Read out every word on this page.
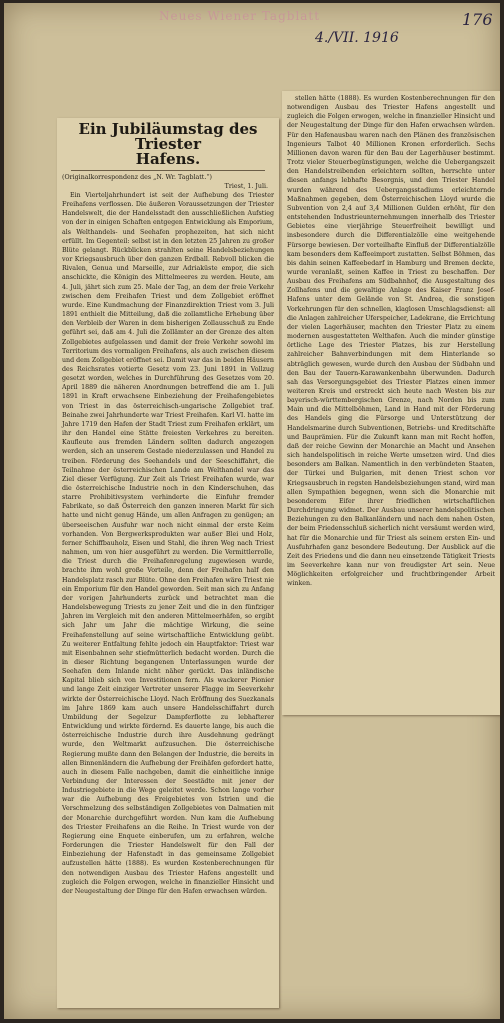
Neues Wiener Tagblatt
4./VII. 1916
176
Ein Jubiläumstag des Triester
Hafens.
(Originalkorrespondenz des „N. Wr. Tagblatt.“)
Triest, 1. Juli.

Ein Vierteljahrhundert ist seit der Aufhebung des Triester Freihafens verflossen. Die äußeren Voraussetzungen der Triester Handelswelt, die der Handelsstadt den ausschließlichen Aufstieg von der in einigen Schaften entgegen Entwicklung als Emporium, als Welthandels- und Seehafen prophezeiten, hat sich nicht erfüllt. Im Gegenteil: selbst ist in den letzten 25 Jahren zu großer Blüte gelangt. Rückblicken strahlten seine Handelsbeziehungen vor Kriegsausbruch über den ganzen Erdball. Rebvoll blicken die Rivalen, Genua und Marseille, zur Adriaküste empor, die sich anschickte, die Königin des Mittelmeeres zu werden. Heute, am 4. Juli, jährt sich zum 25. Male der Tag, an dem der freie Verkehr zwischen dem Freihafen Triest und dem Zollgebiet eröffnet wurde. Eine Kundmachung der Finanzdirektion Triest vom 3. Juli 1891 enthielt die Mitteilung, daß die zollamtliche Erhebung über den Verbleib der Waren in dem bisherigen Zollausschuß zu Ende geführt sei, daß am 4. Juli die Zollämter an der Grenze des alten Zollgebietes aufgelassen und damit der freie Verkehr sowohl im Territorium des vormaligen Freihafens, als auch zwischen diesem und dem Zollgebiet eröffnet sei. Damit war das in beiden Häusern des Reichsrates votierte Gesetz vom 23. Juni 1891 in Vollzug gesetzt worden, welches in Durchführung des Gesetzes vom 20. April 1889 die näheren Anordnungen betreffend die am 1. Juli 1891 in Kraft erwachsene Einbeziehung der Freihafengebietes von Triest in das österreichisch-ungarische Zollgebiet traf. Beinahe zwei Jahrhunderte war Triest Freihafen. Karl VI. hatte im Jahre 1719 den Hafen der Stadt Triest zum Freihafen erklärt, um ihr den Handel eine Stätte freiesten Verkehres zu bereiten. Kaufleute aus fremden Ländern sollten dadurch angezogen werden, sich an unserem Gestade niederzulassen und Handel zu treiben. Förderung des Seehandels und der Seeschiffahrt, die Teilnahme der österreichischen Lande am Welthandel war das Ziel dieser Verfügung. Zur Zeit als Triest Freihafen wurde, war die österreichische Industrie noch in den Kinderschuhen, das starre Prohibitivsystem verhinderte die Einfuhr fremder Fabrikate, so daß Österreich den ganzen inneren Markt für sich hatte und nicht genug Hände, um allen Anfragen zu genügen; an überseeischen Ausfuhr war noch nicht einmal der erste Keim vorhanden. Von Bergwerksprodukten war außer Blei und Holz, ferner Schiffbauholz, Eisen und Stahl, die ihren Weg nach Triest nahmen, um von hier ausgeführt zu werden. Die Vermittlerrolle, die Triest durch die Freihafenregelung zugewiesen wurde, brachte ihm wohl große Vorteile, denn der Freihafen half den Handelsplatz rasch zur Blüte. Ohne den Freihafen wäre Triest nie ein Emporium für den Handel geworden. Seit man sich zu Anfang der vorigen Jahrhunderts zurück und betrachtet man die Handelsbewegung Triests zu jener Zeit und die in den fünfziger Jahren im Vergleich mit den anderen Mittelmeerhäfen, so ergibt sich Jahr um Jahr die mächtige Wirkung, die seine Freihafenstellung auf seine wirtschaftliche Entwicklung geübt. Zu weiterer Entfaltung fehlte jedoch ein Hauptfaktor: Triest war mit Eisenbahnen sehr stiefmütterlich bedacht worden. Durch die in dieser Richtung begangenen Unterlassungen wurde der Seehafen dem Inlande nicht näher gerückt. Das inländische Kapital blieb sich von Investitionen fern. Als wackerer Pionier und lange Zeit einziger Vertreter unserer Flagge im Seeverkehr wirkte der Österreichische Lloyd. Nach Eröffnung des Suezkanals im Jahre 1869 kam auch unsere Handelsschiffahrt durch Umbildung der Segelzur Dampferflotte zu lebhafterer Entwicklung und wirkte fördernd. Es dauerte lange, bis auch die österreichische Industrie durch ihre Ausdehnung gedrängt wurde, den Weltmarkt aufzusuchen. Die österreichische Regierung mußte dann den Belangen der Industrie, die bereits in allen Binnenländern die Aufhebung der Freihäfen gefordert hatte, auch in diesem Falle nachgeben, damit die einheitliche innige Verbindung der Interessen der Seestädte mit jener der Industriegebiete in die Wege geleitet werde. Schon lange vorher war die Aufhebung des Freigebietes von Istrien und die Verschmelzung des selbständigen Zollgebietes von Dalmatien mit der Monarchie durchgeführt worden. Nun kam die Aufhebung des Triester Freihafens an die Reihe. In Triest wurde von der Regierung eine Enquete einberufen, um zu erfahren, welche Forderungen die Triester Handelswelt für den Fall der Einbeziehung der Hafenstadt in das gemeinsame Zollgebiet aufzustellen hätte (1888). Es wurden Kostenberechnungen für den notwendigen Ausbau des Triester Hafens angestellt und zugleich die Folgen erwogen, welche in finanzieller Hinsicht und der Neugestaltung der Dinge für den Hafen erwachsen würden.

stellen hätte (1888). Es wurden Kostenberechnungen für den notwendigen Ausbau des Triester Hafens angestellt und zugleich die Folgen erwogen, welche in finanzieller Hinsicht und der Neugestaltung der Dinge für den Hafen erwachsen würden. Für den Hafenausbau waren nach den Plänen des französischen Ingenieurs Talbot 40 Millionen Kronen erforderlich. Sechs Millionen davon waren für den Bau der Lagerhäuser bestimmt. Trotz vieler Steuerbegünstigungen, welche die Uebergangszeit den Handelstreibenden erleichtern sollten, herrschte unter diesen anfangs lebhafte Besorgnis, und den Triester Handel wurden während des Uebergangsstadiums erleichternde Maßnahmen gegeben, dem Österreichischen Lloyd wurde die Subvention von 2,4 auf 3,4 Millionen Gulden erhöht, für den entstehenden Industrieunternehmungen innerhalb des Triester Gebietes eine vierjährige Steuerfreiheit bewilligt und insbesondere durch die Differentialzölle eine weitgehende Fürsorge bewiesen. Der vorteilhafte Einfluß der Differentialzölle kam besonders dem Kaffeeimport zustatten. Selbst Böhmen, das bis dahin seinen Kaffeebedarf in Hamburg und Bremen deckte, wurde veranlaßt, seinen Kaffee in Triest zu beschaffen. Der Ausbau des Freihafens am Südbahnhof, die Ausgestaltung des Zollhafens und die gewaltige Anlage des Kaiser Franz Josef-Hafens unter dem Gelände von St. Andrea, die sonstigen Vorkehrungen für den schnellen, klaglosen Umschlagsdienst: all die Anlagen zahlreicher Uferspeicher, Ladekrane, die Errichtung der vielen Lagerhäuser, machten den Triester Platz zu einem modernen ausgestatteten Welthafen. Auch die minder günstige örtliche Lage des Triester Platzes, bis zur Herstellung zahlreicher Bahnverbindungen mit dem Hinterlande so abträglich gewesen, wurde durch den Ausbau der Südbahn und den Bau der Tauern-Karawankenbahn überwunden. Dadurch sah das Versorgungsgebiet des Triester Platzes einen immer weiteren Kreis und erstreckt sich heute nach Westen bis zur bayerisch-württembergischen Grenze, nach Norden bis zum Main und die Mittelböhmen, Land in Hand mit der Förderung des Handels ging die Fürsorge und Unterstützung der Handelsmarine durch Subventionen, Betriebs- und Kreditschäfte und Bauprämien. Für die Zukunft kann man mit Recht hoffen, daß der reiche Gewinn der Monarchie an Macht und Ansehen sich handelspolitisch in reiche Werte umsetzen wird. Und dies besonders am Balkan. Namentlich in den verbündeten Staaten, der Türkei und Bulgarien, mit denen Triest schon vor Kriegsausbruch in regsten Handelsbeziehungen stand, wird man allen Sympathien begegnen, wenn sich die Monarchie mit besonderem Eifer ihrer friedlichen wirtschaftlichen Durchdringung widmet. Der Ausbau unserer handelspolitischen Beziehungen zu den Balkanländern und nach dem nahen Osten, der beim Friedensschluß sicherlich nicht versäumt werden wird, hat für die Monarchie und für Triest als seinem ersten Ein- und Ausfuhrhafen ganz besondere Bedeutung. Der Ausblick auf die Zeit des Friedens und die dann neu einsetzende Tätigkeit Triests im Seeverkehre kann nur von freudigster Art sein. Neue Möglichkeiten erfolgreicher und fruchtbringender Arbeit winken.
